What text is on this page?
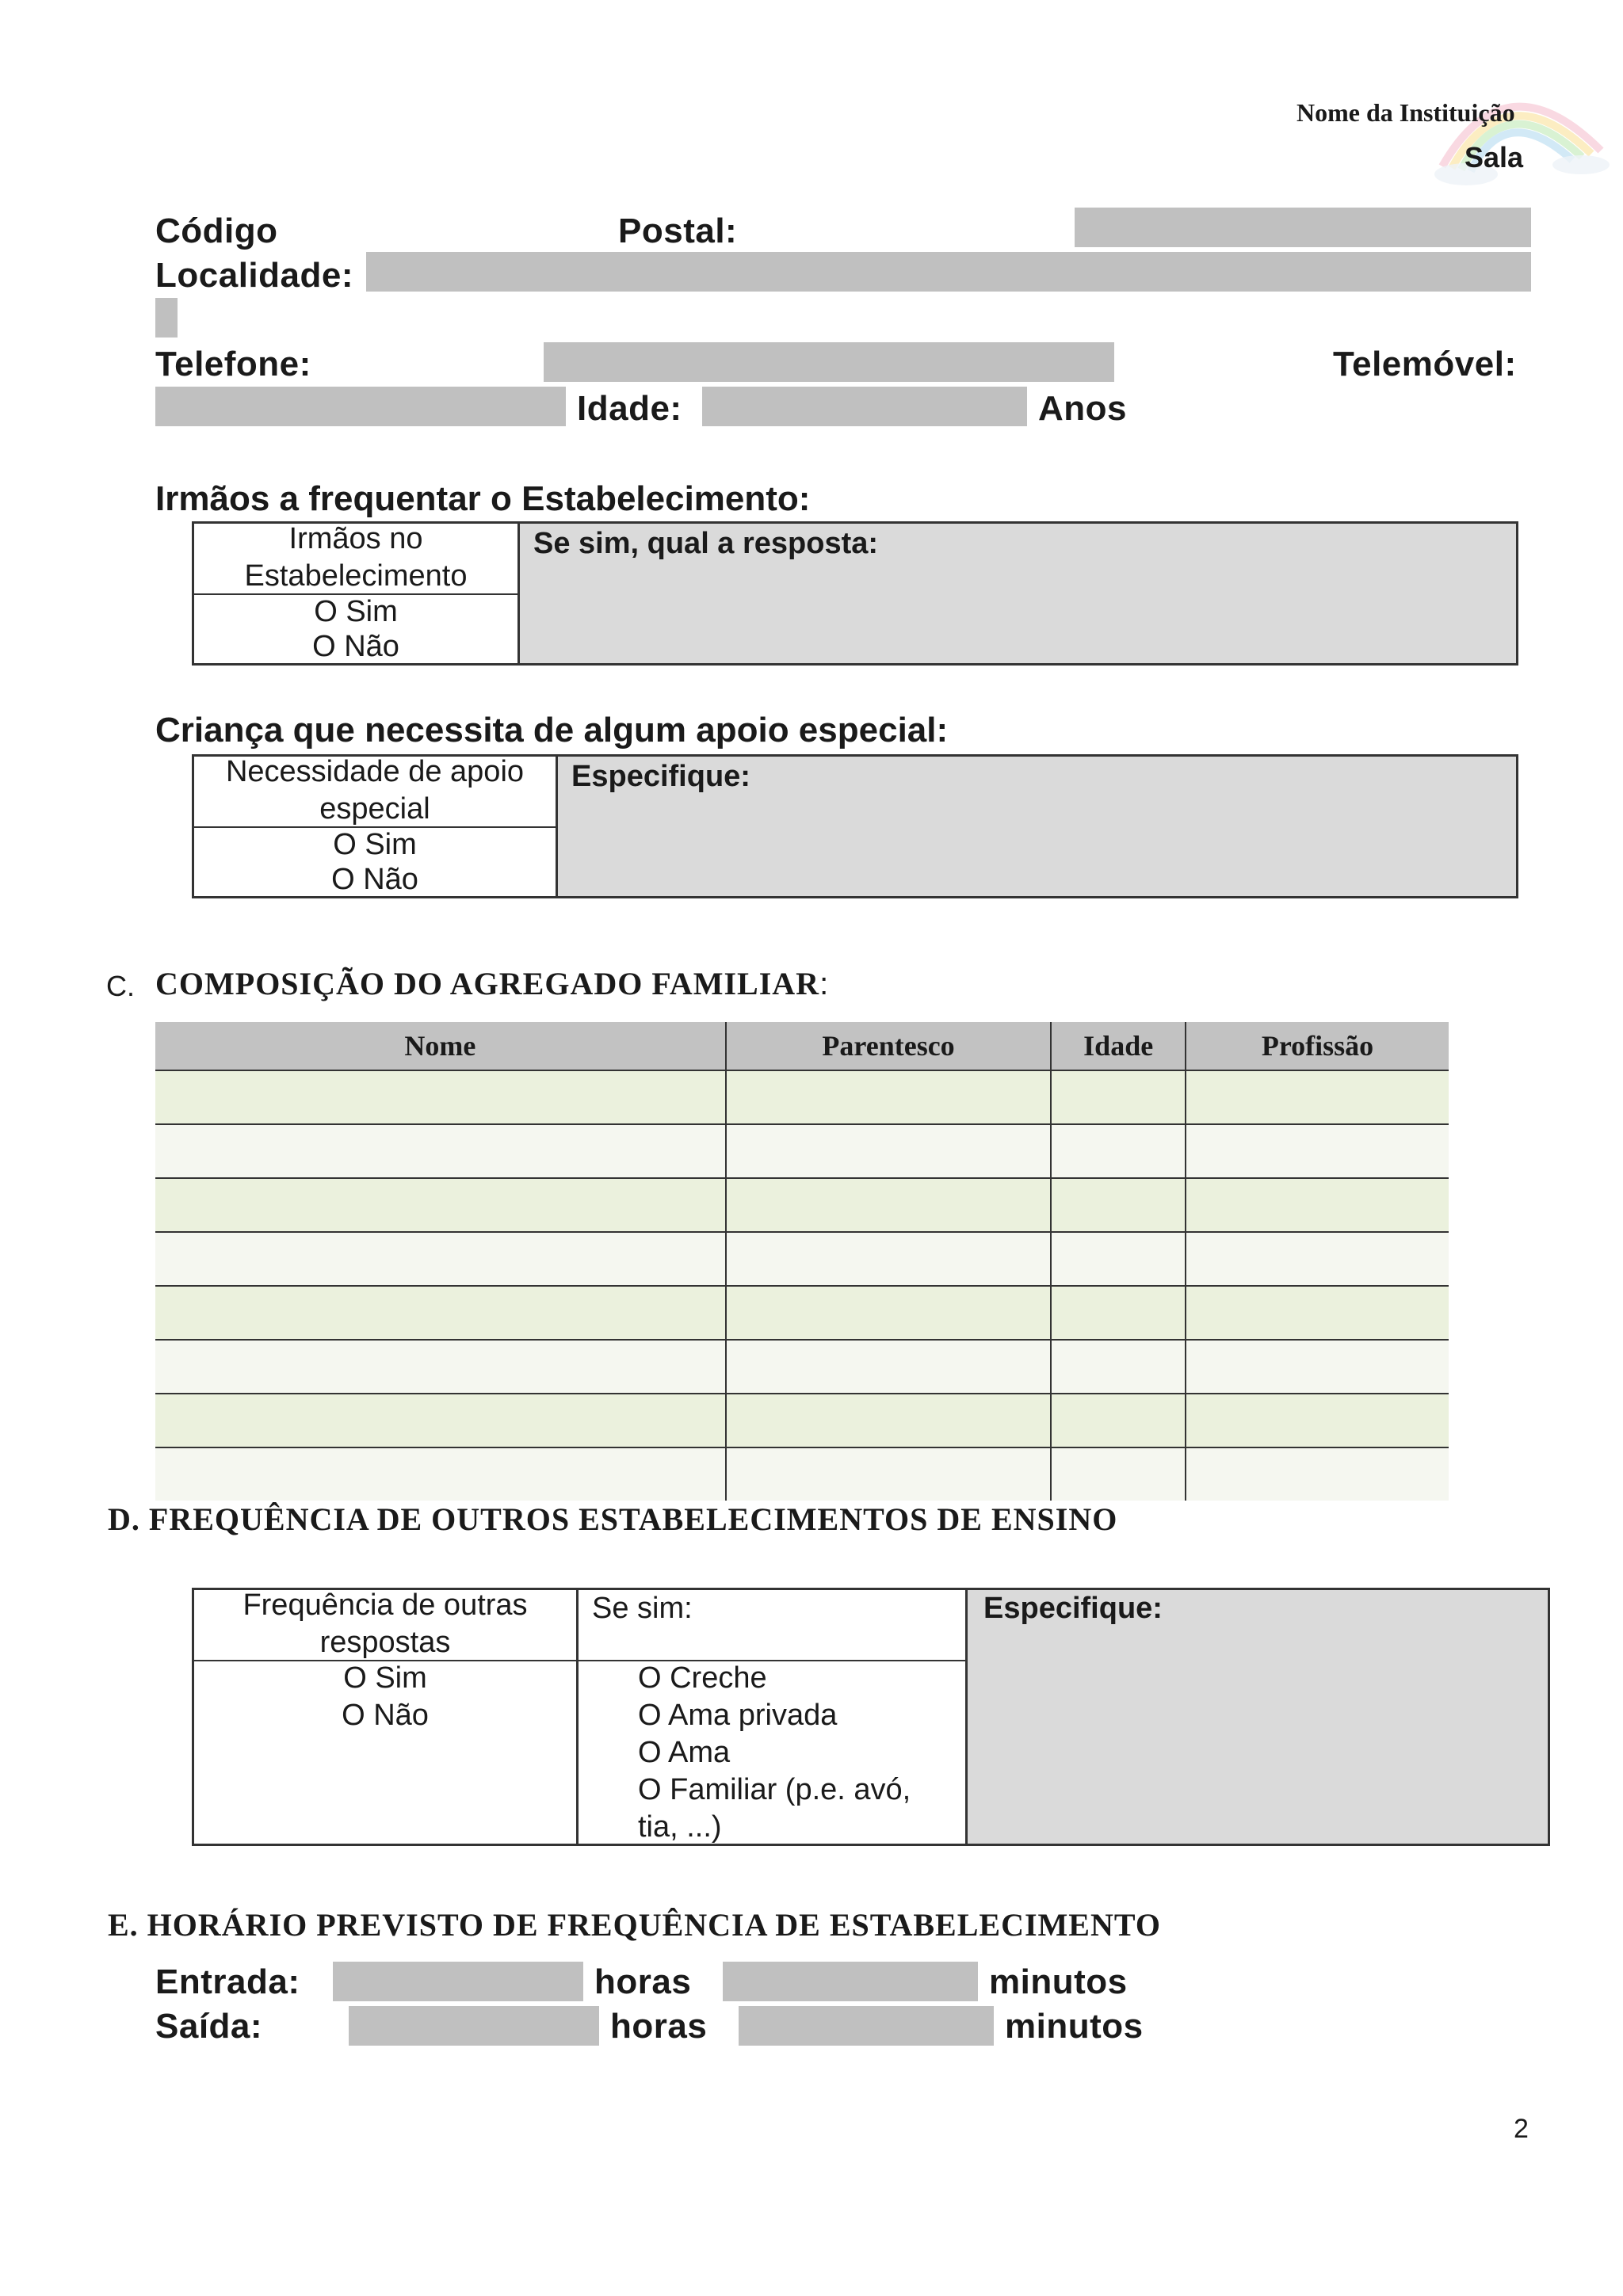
Nome da Instituição
Sala
Código	Postal:
Localidade:
Telefone:	Telemóvel:
Idade:	Anos
Irmãos a frequentar o Estabelecimento:
Irmãos no Estabelecimento
O Sim
O Não
Se sim, qual a resposta:
Criança que necessita de algum apoio especial:
Necessidade de apoio especial
O Sim
O Não
Especifique:
C. COMPOSIÇÃO DO AGREGADO FAMILIAR:
Nome	Parentesco	Idade	Profissão

D. FREQUÊNCIA DE OUTROS ESTABELECIMENTOS DE ENSINO
Frequência de outras respostas
O Sim
O Não
Se sim:
O Creche
O Ama privada
O Ama
O Familiar (p.e. avó, tia, ...)
Especifique:
E. HORÁRIO PREVISTO DE FREQUÊNCIA DE ESTABELECIMENTO
Entrada:	horas	minutos
Saída:	horas	minutos
2
